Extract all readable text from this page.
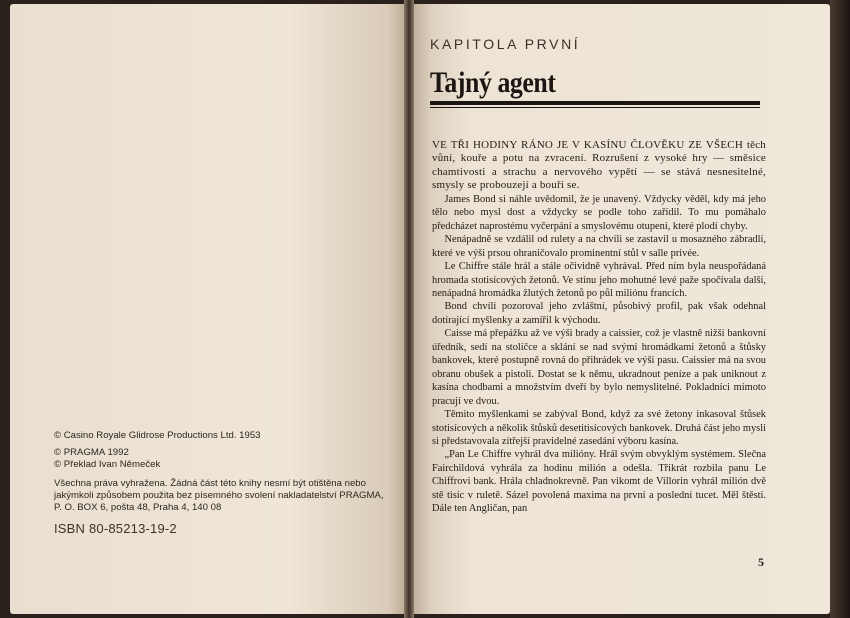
© Casino Royale Glidrose Productions Ltd. 1953
© PRAGMA 1992
© Překlad Ivan Němeček
Všechna práva vyhražena. Žádná část této knihy nesmí být otištěna nebo jakýmkoli způsobem použita bez písemného svolení nakladatelství PRAGMA, P. O. BOX 6, pošta 48, Praha 4, 140 08
ISBN 80-85213-19-2
KAPITOLA PRVNÍ
Tajný agent

VE TŘI HODINY RÁNO JE V KASÍNU ČLOVĚKU ZE VŠECH těch vůní, kouře a potu na zvracení. Rozrušení z vysoké hry — směsice chamtivosti a strachu a nervového vypětí — se stává nesnesitelné, smysly se probouzejí a bouří se.

James Bond si náhle uvědomil, že je unavený. Vždycky věděl, kdy má jeho tělo nebo mysl dost a vždycky se podle toho zařídil. To mu pomáhalo předcházet naprostému vyčerpání a smyslovému otupení, které plodí chyby.

Nenápadně se vzdálil od rulety a na chvíli se zastavil u mosazného zábradlí, které ve výši prsou ohraničovalo prominentní stůl v salle privée.

Le Chiffre stále hrál a stále očividně vyhrával. Před ním byla neuspořádaná hromada stotisícových žetonů. Ve stínu jeho mohutné levé paže spočívala další, nenápadná hromádka žlutých žetonů po půl miliónu francích.

Bond chvíli pozoroval jeho zvláštní, působivý profil, pak však odehnal dotírající myšlenky a zamířil k východu.

Caisse má přepážku až ve výši brady a caissier, což je vlastně nižší bankovní úředník, sedí na stoličce a sklání se nad svými hromádkami žetonů a štůsky bankovek, které postupně rovná do přihrádek ve výši pasu. Caissier má na svou obranu obušek a pistoli. Dostat se k němu, ukradnout peníze a pak uniknout z kasína chodbami a množstvím dveří by bylo nemyslitelné. Pokladníci mimoto pracují ve dvou.

Těmito myšlenkami se zabýval Bond, když za své žetony inkasoval štůsek stotisícových a několik štůsků desetitisícových bankovek. Druhá část jeho mysli si představovala zítřejší pravidelné zasedání výboru kasína.

„Pan Le Chiffre vyhrál dva milióny. Hrál svým obvyklým systémem. Slečna Fairchildová vyhrála za hodinu milión a odešla. Třikrát rozbila panu Le Chiffrovi bank. Hrála chladnokrevně. Pan vikomt de Villorin vyhrál milión dvě stě tisíc v ruletě. Sázel povolená maxima na první a poslední tucet. Měl štěstí. Dále ten Angličan, pan

5
